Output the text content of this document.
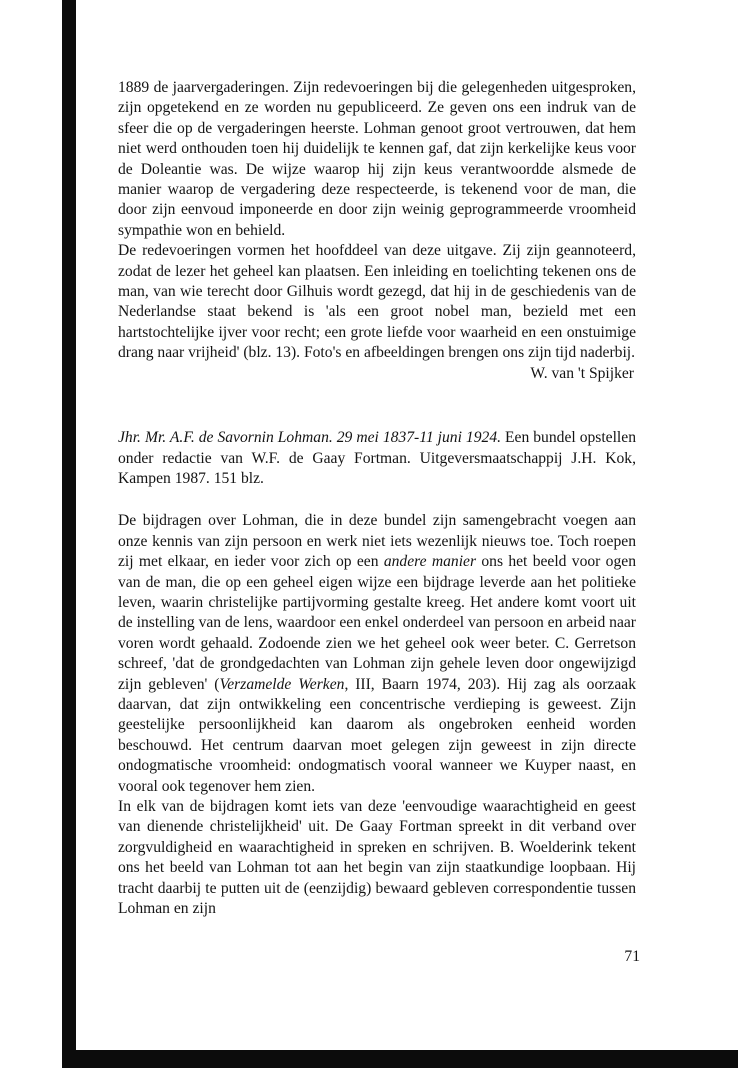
1889 de jaarvergaderingen. Zijn redevoeringen bij die gelegenheden uitgesproken, zijn opgetekend en ze worden nu gepubliceerd. Ze geven ons een indruk van de sfeer die op de vergaderingen heerste. Lohman genoot groot vertrouwen, dat hem niet werd onthouden toen hij duidelijk te kennen gaf, dat zijn kerkelijke keus voor de Doleantie was. De wijze waarop hij zijn keus verantwoordde alsmede de manier waarop de vergadering deze respecteerde, is tekenend voor de man, die door zijn eenvoud imponeerde en door zijn weinig geprogrammeerde vroomheid sympathie won en behield.

De redevoeringen vormen het hoofddeel van deze uitgave. Zij zijn geannoteerd, zodat de lezer het geheel kan plaatsen. Een inleiding en toelichting tekenen ons de man, van wie terecht door Gilhuis wordt gezegd, dat hij in de geschiedenis van de Nederlandse staat bekend is 'als een groot nobel man, bezield met een hartstochtelijke ijver voor recht; een grote liefde voor waarheid en een onstuimige drang naar vrijheid' (blz. 13). Foto's en afbeeldingen brengen ons zijn tijd naderbij.

W. van 't Spijker

Jhr. Mr. A.F. de Savornin Lohman. 29 mei 1837-11 juni 1924. Een bundel opstellen onder redactie van W.F. de Gaay Fortman. Uitgeversmaatschappij J.H. Kok, Kampen 1987. 151 blz.

De bijdragen over Lohman, die in deze bundel zijn samengebracht voegen aan onze kennis van zijn persoon en werk niet iets wezenlijk nieuws toe. Toch roepen zij met elkaar, en ieder voor zich op een andere manier ons het beeld voor ogen van de man, die op een geheel eigen wijze een bijdrage leverde aan het politieke leven, waarin christelijke partijvorming gestalte kreeg. Het andere komt voort uit de instelling van de lens, waardoor een enkel onderdeel van persoon en arbeid naar voren wordt gehaald. Zodoende zien we het geheel ook weer beter. C. Gerretson schreef, 'dat de grondgedachten van Lohman zijn gehele leven door ongewijzigd zijn gebleven' (Verzamelde Werken, III, Baarn 1974, 203). Hij zag als oorzaak daarvan, dat zijn ontwikkeling een concentrische verdieping is geweest. Zijn geestelijke persoonlijkheid kan daarom als ongebroken eenheid worden beschouwd. Het centrum daarvan moet gelegen zijn geweest in zijn directe ondogmatische vroomheid: ondogmatisch vooral wanneer we Kuyper naast, en vooral ook tegenover hem zien.

In elk van de bijdragen komt iets van deze 'eenvoudige waarachtigheid en geest van dienende christelijkheid' uit. De Gaay Fortman spreekt in dit verband over zorgvuldigheid en waarachtigheid in spreken en schrijven. B. Woelderink tekent ons het beeld van Lohman tot aan het begin van zijn staatkundige loopbaan. Hij tracht daarbij te putten uit de (eenzijdig) bewaard gebleven correspondentie tussen Lohman en zijn

71
